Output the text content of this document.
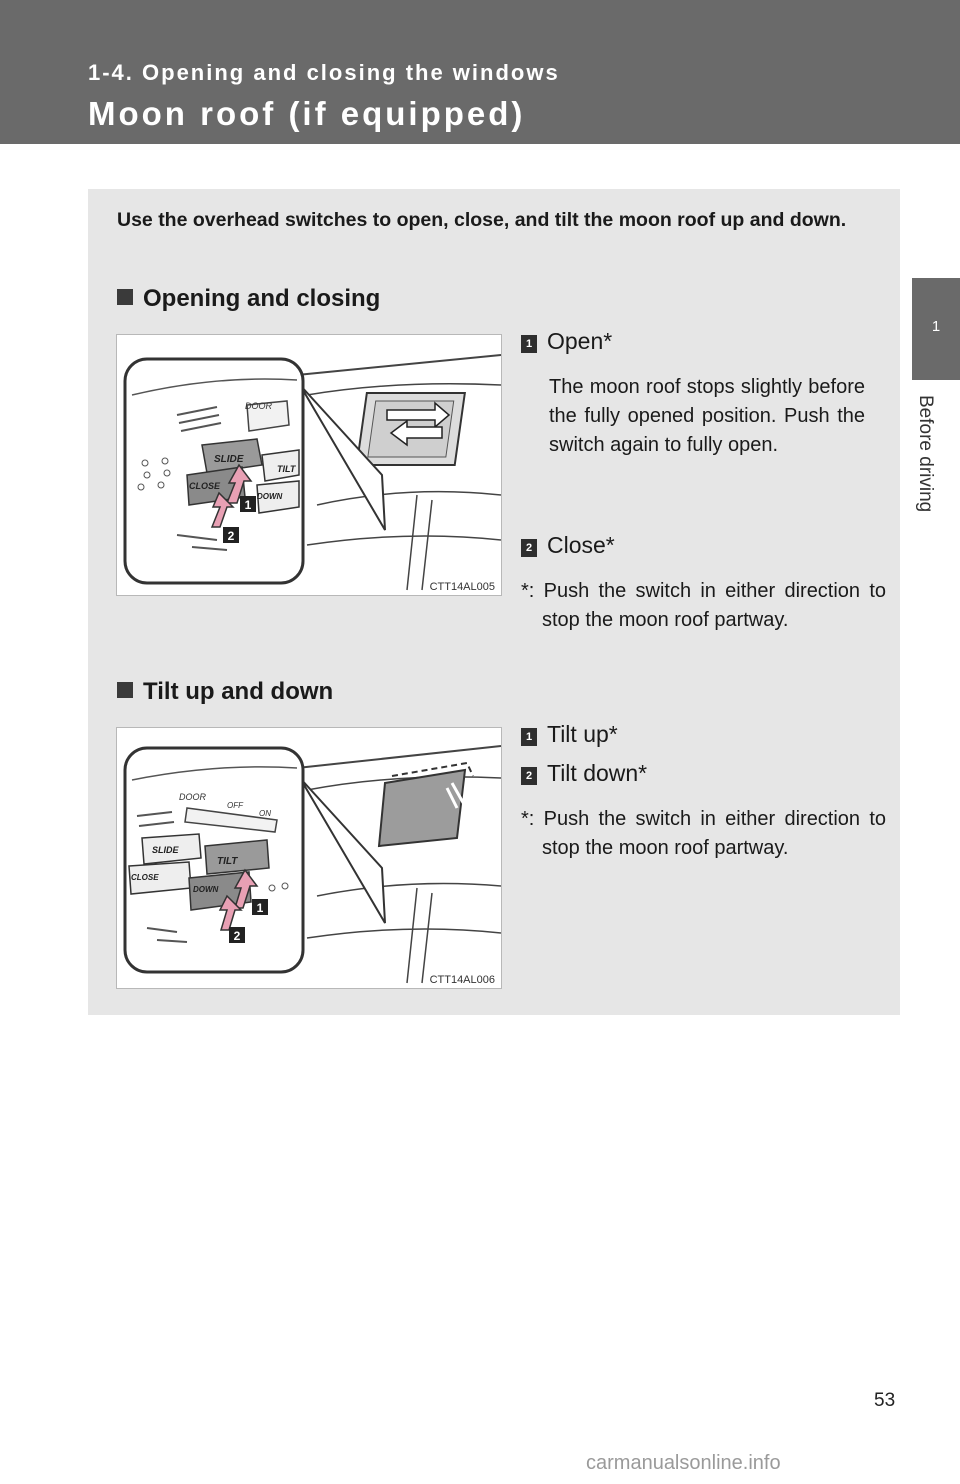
1-4. Opening and closing the windows
Moon roof (if equipped)
1
Before driving
Use the overhead switches to open, close, and tilt the moon roof up and down.
Opening and closing
DOOR
SLIDE
CLOSE
TILT
DOWN
1
2
CTT14AL005
1 Open*
The moon roof stops slightly before the fully opened position. Push the switch again to fully open.
2 Close*
*: Push the switch in either direction to stop the moon roof partway.
Tilt up and down
DOOR
OFF
ON
SLIDE
CLOSE
TILT
DOWN
1
2
CTT14AL006
1 Tilt up*
2 Tilt down*
*: Push the switch in either direction to stop the moon roof partway.
53
carmanualsonline.info
